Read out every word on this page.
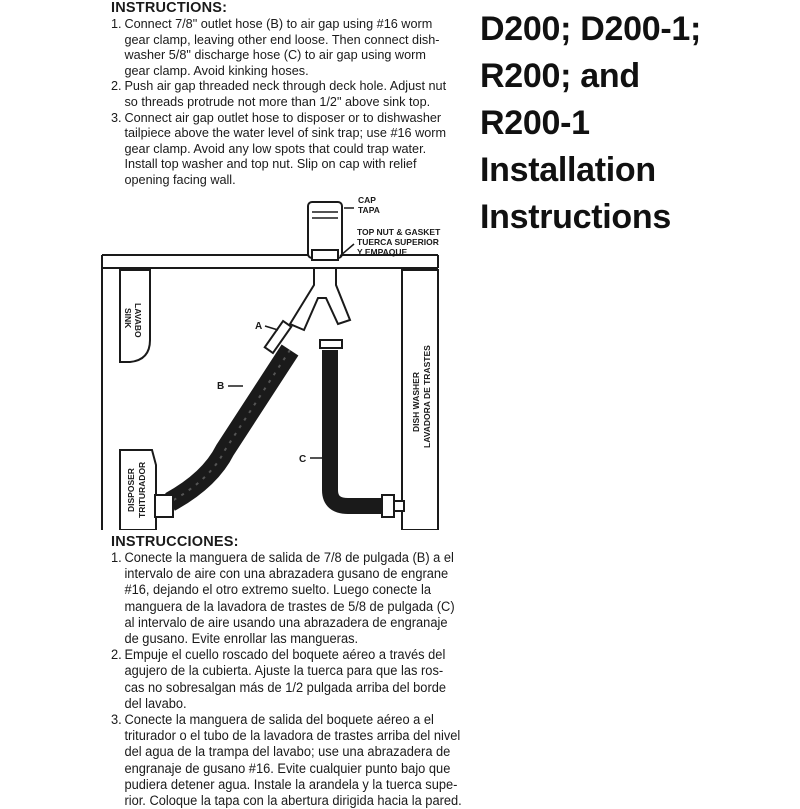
INSTRUCTIONS:
1. Connect 7/8" outlet hose (B) to air gap using #16 worm
gear clamp, leaving other end loose. Then connect dish-
washer 5/8" discharge hose (C) to air gap using worm
gear clamp. Avoid kinking hoses.
2. Push air gap threaded neck through deck hole. Adjust nut
so threads protrude not more than 1/2" above sink top.
3. Connect air gap outlet hose to disposer or to dishwasher
tailpiece above the water level of sink trap; use #16 worm
gear clamp. Avoid any low spots that could trap water.
Install top washer and top nut. Slip on cap with relief
opening facing wall.
D200; D200-1;
R200; and
R200-1
Installation
Instructions
CAP
TAPA
TOP NUT & GASKET
TUERCA SUPERIOR
Y EMPAQUE
A
B
C
SINK LAVABO
DISPOSER TRITURADOR
DISH WASHER LAVADORA DE TRASTES
INSTRUCCIONES:
1. Conecte la manguera de salida de 7/8 de pulgada (B) a el
intervalo de aire con una abrazadera gusano de engrane
#16, dejando el otro extremo suelto. Luego conecte la
manguera de la lavadora de trastes de 5/8 de pulgada (C)
al intervalo de aire usando una abrazadera de engranaje
de gusano. Evite enrollar las mangueras.
2. Empuje el cuello roscado del boquete aéreo a través del
agujero de la cubierta. Ajuste la tuerca para que las ros-
cas no sobresalgan más de 1/2 pulgada arriba del borde
del lavabo.
3. Conecte la manguera de salida del boquete aéreo a el
triturador o el tubo de la lavadora de trastes arriba del nivel
del agua de la trampa del lavabo; use una abrazadera de
engranaje de gusano #16. Evite cualquier punto bajo que
pudiera detener agua. Instale la arandela y la tuerca supe-
rior. Coloque la tapa con la abertura dirigida hacia la pared.
